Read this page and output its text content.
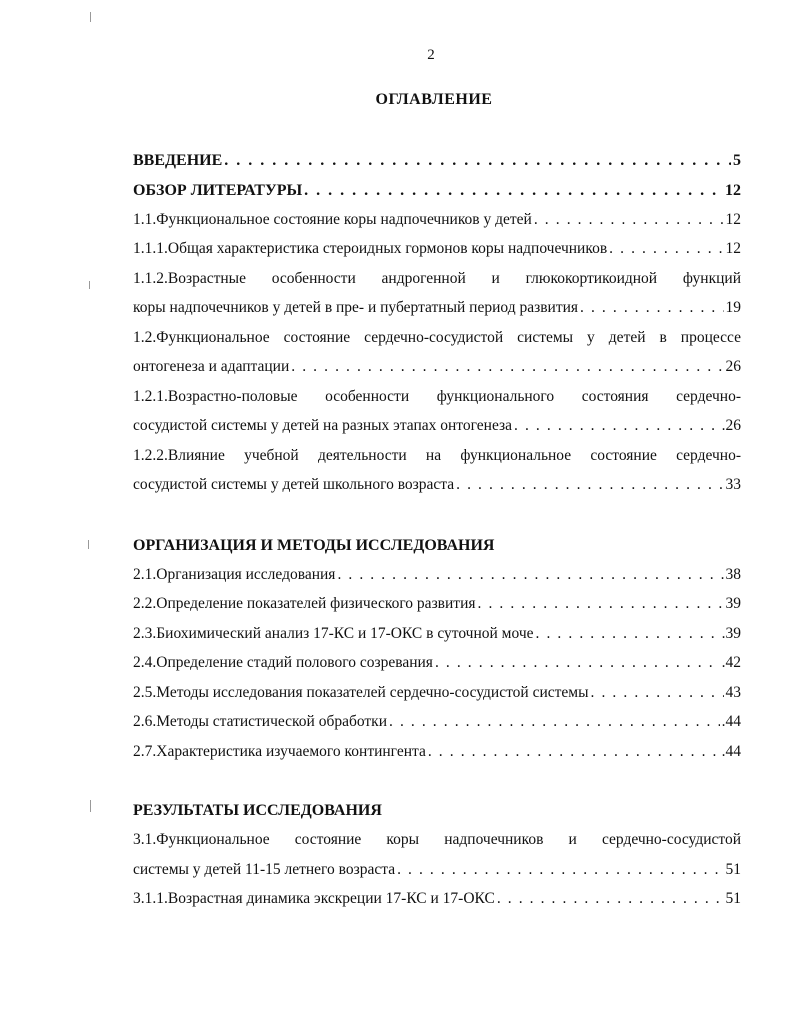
2
ОГЛАВЛЕНИЕ
ВВЕДЕНИЕ . . .	5
ОБЗОР ЛИТЕРАТУРЫ . . .	12
1.1.Функциональное состояние коры надпочечников у детей . . .	12
1.1.1.Общая характеристика стероидных гормонов коры надпочечников . . .	12
1.1.2.Возрастные особенности андрогенной и глюкокортикоидной функций
коры надпочечников у детей в пре- и пубертатный период развития . . .	19
1.2.Функциональное состояние сердечно-сосудистой системы у детей в процессе
онтогенеза и адаптации . . .	26
1.2.1.Возрастно-половые особенности функционального состояния сердечно-
сосудистой системы у детей на разных этапах онтогенеза . . .	.26
1.2.2.Влияние учебной деятельности на функциональное состояние сердечно-
сосудистой системы у детей школьного возраста . . .	33
ОРГАНИЗАЦИЯ И МЕТОДЫ ИССЛЕДОВАНИЯ
2.1.Организация исследования . . .	38
2.2.Определение показателей физического развития . . .	39
2.3.Биохимический анализ 17-КС и 17-ОКС в суточной моче . . .	.39
2.4.Определение стадий полового созревания . . .	.42
2.5.Методы исследования показателей сердечно-сосудистой системы . . .	43
2.6.Методы статистической обработки . . .	.44
2.7.Характеристика изучаемого контингента . . .	.44
РЕЗУЛЬТАТЫ ИССЛЕДОВАНИЯ
3.1.Функциональное состояние коры надпочечников и сердечно-сосудистой
системы у детей 11-15 летнего возраста . . .	51
3.1.1.Возрастная динамика экскреции 17-КС и 17-ОКС . . .	51
